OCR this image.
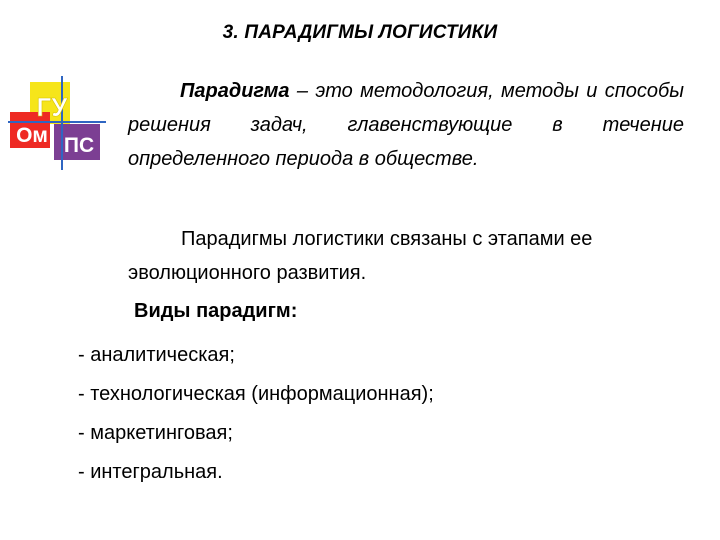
3. ПАРАДИГМЫ ЛОГИСТИКИ
ГУ
Ом ПС
Парадигма – это методология, методы и способы решения задач, главенствующие в течение определенного периода в обществе.
Парадигмы логистики связаны с этапами ее эволюционного развития.
Виды парадигм:
- аналитическая;
- технологическая (информационная);
- маркетинговая;
- интегральная.
